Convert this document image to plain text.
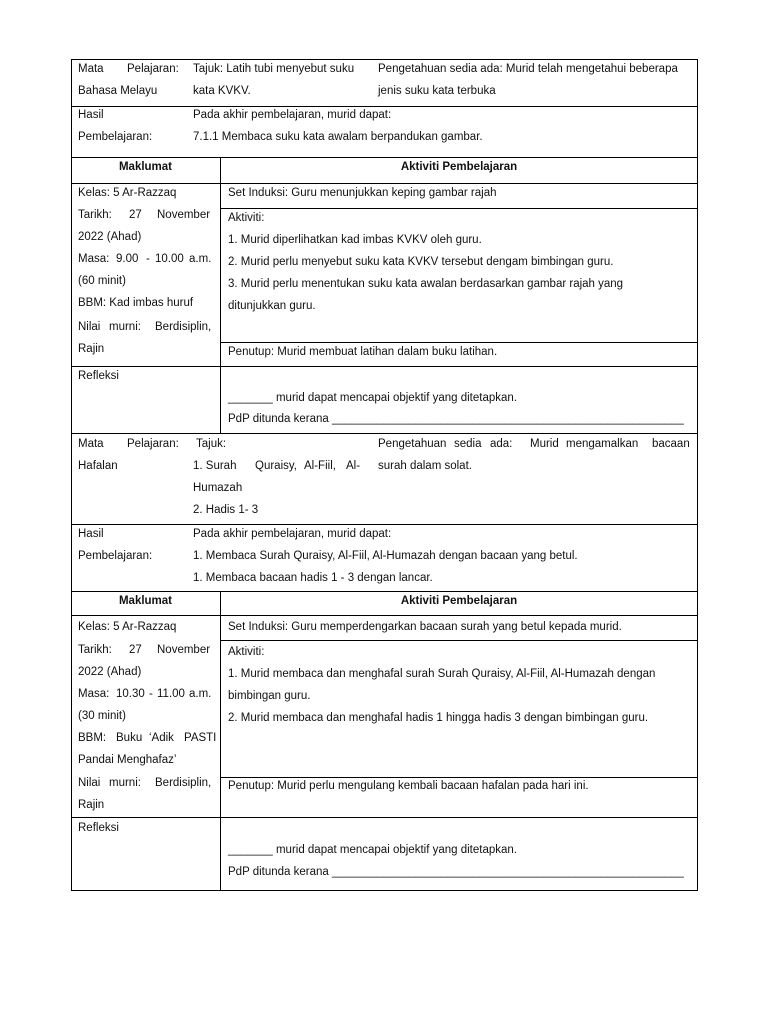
Mata Pelajaran:
Bahasa Melayu
Tajuk: Latih tubi menyebut suku
kata KVKV.
Pengetahuan sedia ada: Murid telah mengetahui beberapa
jenis suku kata terbuka
Hasil
Pembelajaran:
Pada akhir pembelajaran, murid dapat:
7.1.1 Membaca suku kata awalam berpandukan gambar.
Maklumat	Aktiviti Pembelajaran
Kelas: 5 Ar-Razzaq
Tarikh: 27 November
2022 (Ahad)
Masa: 9.00 - 10.00 a.m.
(60 minit)
BBM: Kad imbas huruf
Nilai murni: Berdisiplin,
Rajin
Set Induksi: Guru menunjukkan keping gambar rajah
Aktiviti:
1. Murid diperlihatkan kad imbas KVKV oleh guru.
2. Murid perlu menyebut suku kata KVKV tersebut dengam bimbingan guru.
3. Murid perlu menentukan suku kata awalan berdasarkan gambar rajah yang
ditunjukkan guru.
Penutup: Murid membuat latihan dalam buku latihan.
Refleksi
_______ murid dapat mencapai objektif yang ditetapkan.
PdP ditunda kerana _______________________________________________________
Mata Pelajaran:
Hafalan
Tajuk:
1. Surah Quraisy, Al-Fiil, Al-
Humazah
2. Hadis 1- 3
Pengetahuan sedia ada: Murid mengamalkan bacaan
surah dalam solat.
Hasil
Pembelajaran:
Pada akhir pembelajaran, murid dapat:
1. Membaca Surah Quraisy, Al-Fiil, Al-Humazah dengan bacaan yang betul.
1. Membaca bacaan hadis 1 - 3 dengan lancar.
Maklumat	Aktiviti Pembelajaran
Kelas: 5 Ar-Razzaq
Tarikh: 27 November
2022 (Ahad)
Masa: 10.30 - 11.00 a.m.
(30 minit)
BBM: Buku ‘Adik PASTI
Pandai Menghafaz’
Nilai murni: Berdisiplin,
Rajin
Set Induksi: Guru memperdengarkan bacaan surah yang betul kepada murid.
Aktiviti:
1. Murid membaca dan menghafal surah Surah Quraisy, Al-Fiil, Al-Humazah dengan
bimbingan guru.
2. Murid membaca dan menghafal hadis 1 hingga hadis 3 dengan bimbingan guru.
Penutup: Murid perlu mengulang kembali bacaan hafalan pada hari ini.
Refleksi
_______ murid dapat mencapai objektif yang ditetapkan.
PdP ditunda kerana _______________________________________________________
